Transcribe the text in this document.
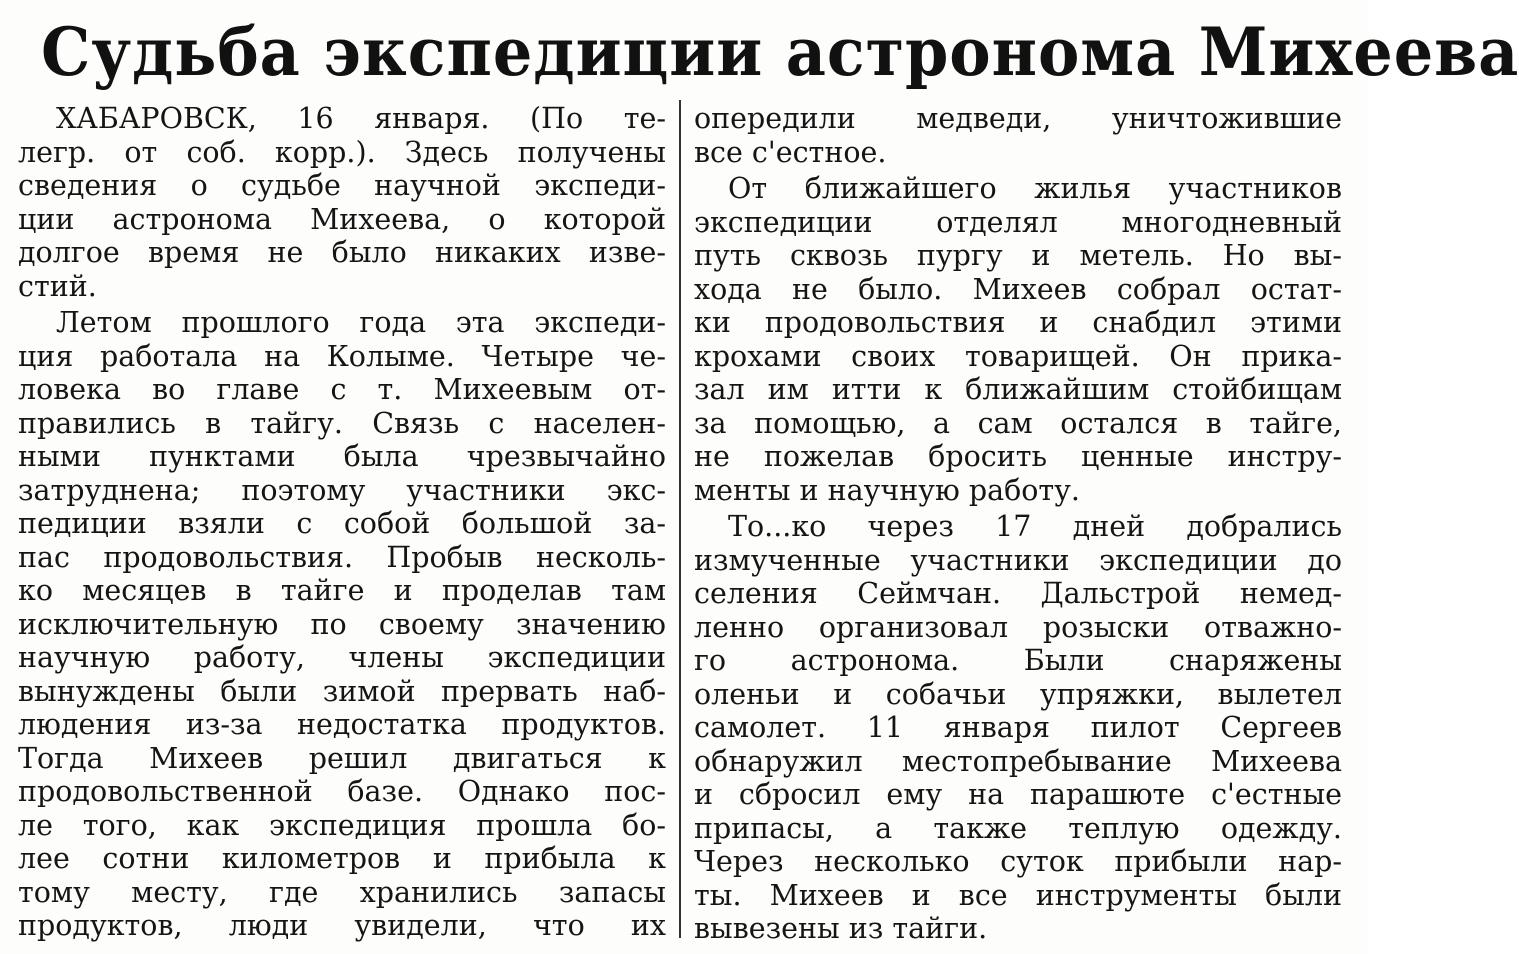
Судьба экспедиции астронома Михеева
ХАБАРОВСК, 16 января. (По те-
легр. от соб. корр.). Здесь получены
сведения о судьбе научной экспеди-
ции астронома Михеева, о которой
долгое время не было никаких изве-
стий.
Летом прошлого года эта экспеди-
ция работала на Колыме. Четыре че-
ловека во главе с т. Михеевым от-
правились в тайгу. Связь с населен-
ными пунктами была чрезвычайно
затруднена; поэтому участники экс-
педиции взяли с собой большой за-
пас продовольствия. Пробыв несколь-
ко месяцев в тайге и проделав там
исключительную по своему значению
научную работу, члены экспедиции
вынуждены были зимой прервать наб-
людения из-за недостатка продуктов.
Тогда Михеев решил двигаться к
продовольственной базе. Однако пос-
ле того, как экспедиция прошла бо-
лее сотни километров и прибыла к
тому месту, где хранились запасы
продуктов, люди увидели, что их
опередили медведи, уничтожившие
все с'естное.
От ближайшего жилья участников
экспедиции отделял многодневный
путь сквозь пургу и метель. Но вы-
хода не было. Михеев собрал остат-
ки продовольствия и снабдил этими
крохами своих товарищей. Он прика-
зал им итти к ближайшим стойбищам
за помощью, а сам остался в тайге,
не пожелав бросить ценные инстру-
менты и научную работу.
То...ко через 17 дней добрались
измученные участники экспедиции до
селения Сеймчан. Дальстрой немед-
ленно организовал розыски отважно-
го астронома. Были снаряжены
оленьи и собачьи упряжки, вылетел
самолет. 11 января пилот Сергеев
обнаружил местопребывание Михеева
и сбросил ему на парашюте с'естные
припасы, а также теплую одежду.
Через несколько суток прибыли нар-
ты. Михеев и все инструменты были
вывезены из тайги.
